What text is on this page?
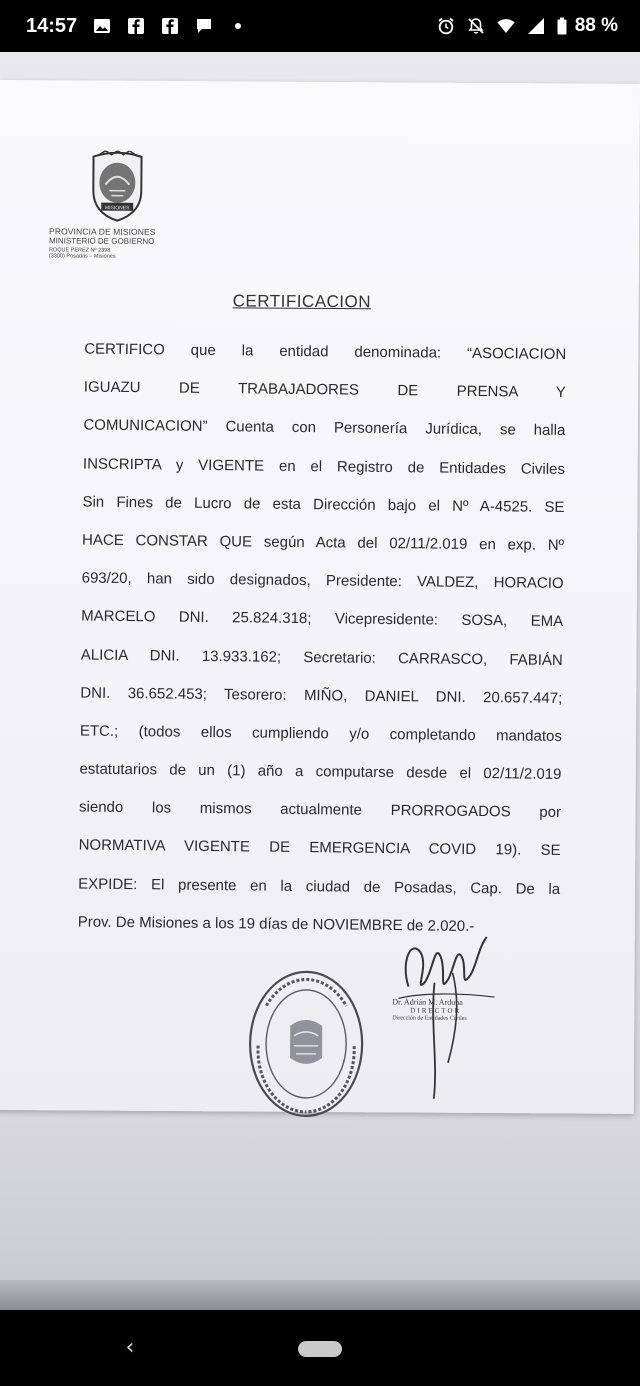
14:57	88 %
MISIONES
PROVINCIA DE MISIONES
MINISTERIO DE GOBIERNO
ROQUE PEREZ Nº 2398
(3300) Posadas – Misiones
CERTIFICACION
CERTIFICO que la entidad denominada: “ASOCIACION
IGUAZU DE TRABAJADORES DE PRENSA Y
COMUNICACION” Cuenta con Personería Jurídica, se halla
INSCRIPTA y VIGENTE en el Registro de Entidades Civiles
Sin Fines de Lucro de esta Dirección bajo el Nº A-4525. SE
HACE CONSTAR QUE según Acta del 02/11/2.019 en exp. Nº
693/20, han sido designados, Presidente: VALDEZ, HORACIO
MARCELO DNI. 25.824.318; Vicepresidente: SOSA, EMA
ALICIA DNI. 13.933.162; Secretario: CARRASCO, FABIÁN
DNI. 36.652.453; Tesorero: MIÑO, DANIEL DNI. 20.657.447;
ETC.; (todos ellos cumpliendo y/o completando mandatos
estatutarios de un (1) año a computarse desde el 02/11/2.019
siendo los mismos actualmente PRORROGADOS por
NORMATIVA VIGENTE DE EMERGENCIA COVID 19). SE
EXPIDE: El presente en la ciudad de Posadas, Cap. De la
Prov. De Misiones a los 19 días de NOVIEMBRE de 2.020.-
Dr. Adrián M. Arduna
DIRECTOR
Dirección de Entidades Civiles
‹
